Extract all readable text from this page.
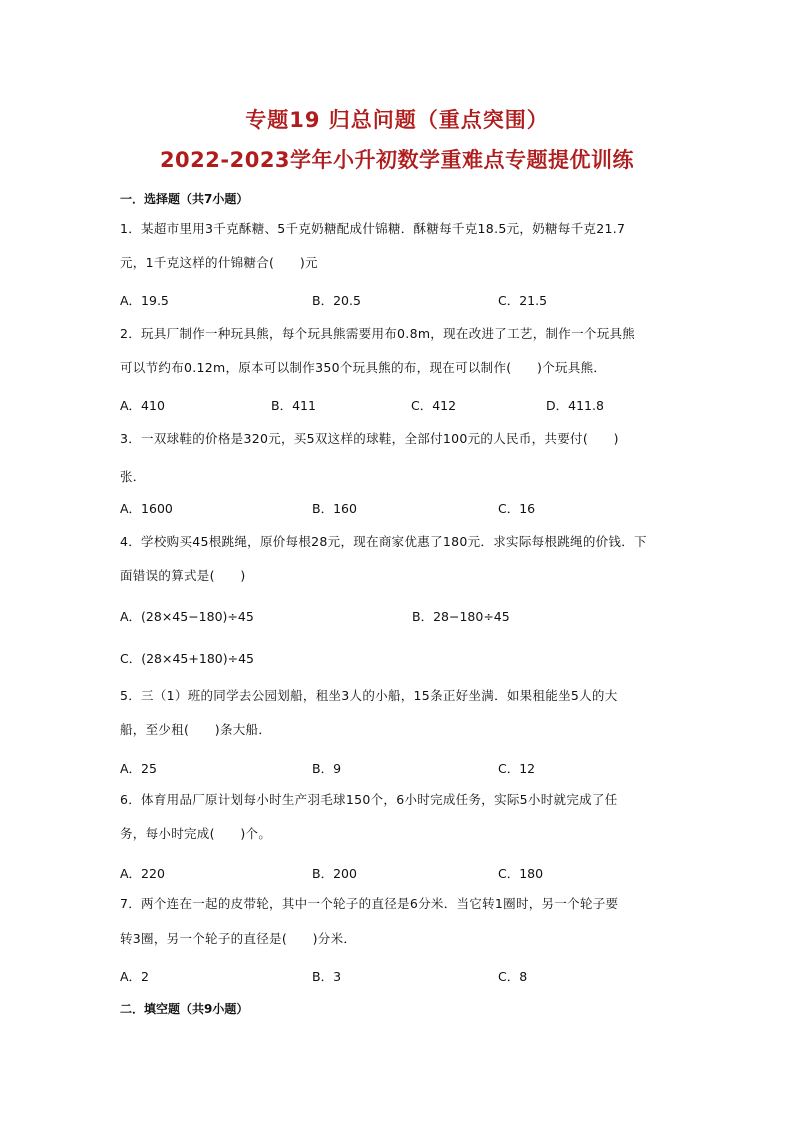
专题19 归总问题（重点突围）
2022-2023学年小升初数学重难点专题提优训练
一．选择题（共7小题）
1．某超市里用3千克酥糖、5千克奶糖配成什锦糖．酥糖每千克18.5元，奶糖每千克21.7
元，1千克这样的什锦糖合(　　)元
A．19.5	B．20.5	C．21.5
2．玩具厂制作一种玩具熊，每个玩具熊需要用布0.8m，现在改进了工艺，制作一个玩具熊
可以节约布0.12m，原本可以制作350个玩具熊的布，现在可以制作(　　)个玩具熊．
A．410	B．411	C．412	D．411.8
3．一双球鞋的价格是320元，买5双这样的球鞋，全部付100元的人民币，共要付(　　)
张．
A．1600	B．160	C．16
4．学校购买45根跳绳，原价每根28元，现在商家优惠了180元．求实际每根跳绳的价钱．下
面错误的算式是(　　)
A．(28×45−180)÷45	B．28−180÷45
C．(28×45+180)÷45
5．三（1）班的同学去公园划船，租坐3人的小船，15条正好坐满．如果租能坐5人的大
船，至少租(　　)条大船．
A．25	B．9	C．12
6．体育用品厂原计划每小时生产羽毛球150个，6小时完成任务，实际5小时就完成了任
务，每小时完成(　　)个。
A．220	B．200	C．180
7．两个连在一起的皮带轮，其中一个轮子的直径是6分米．当它转1圈时，另一个轮子要
转3圈，另一个轮子的直径是(　　)分米．
A．2	B．3	C．8
二．填空题（共9小题）
